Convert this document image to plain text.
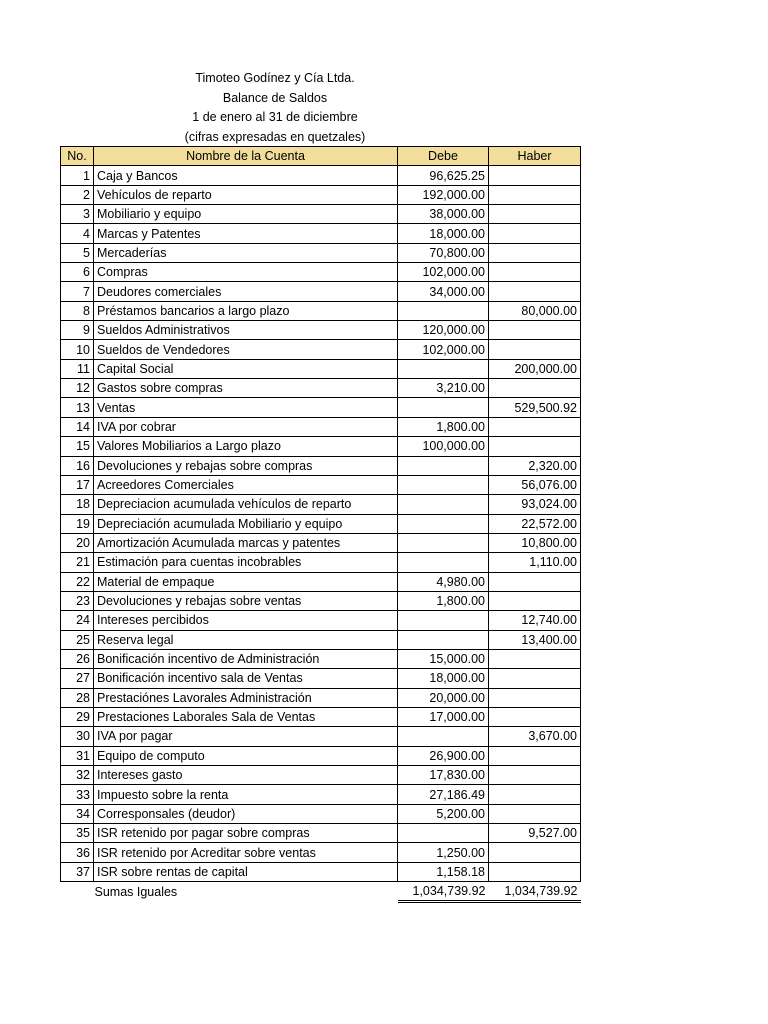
Timoteo Godínez y Cía Ltda.
Balance de Saldos
1 de enero al 31 de diciembre
(cifras expresadas en quetzales)
No.	Nombre de la Cuenta	Debe	Haber
1	Caja y Bancos	96,625.25	
2	Vehículos de reparto	192,000.00	
3	Mobiliario y equipo	38,000.00	
4	Marcas y Patentes	18,000.00	
5	Mercaderías	70,800.00	
6	Compras	102,000.00	
7	Deudores comerciales	34,000.00	
8	Préstamos bancarios a largo plazo		80,000.00
9	Sueldos Administrativos	120,000.00	
10	Sueldos de Vendedores	102,000.00	
11	Capital Social		200,000.00
12	Gastos sobre compras	3,210.00	
13	Ventas		529,500.92
14	IVA por cobrar	1,800.00	
15	Valores Mobiliarios a Largo plazo	100,000.00	
16	Devoluciones y rebajas sobre compras		2,320.00
17	Acreedores Comerciales		56,076.00
18	Depreciacion acumulada vehículos de reparto		93,024.00
19	Depreciación acumulada Mobiliario y equipo		22,572.00
20	Amortización Acumulada marcas y patentes		10,800.00
21	Estimación para cuentas incobrables		1,110.00
22	Material de empaque	4,980.00	
23	Devoluciones y rebajas sobre ventas	1,800.00	
24	Intereses percibidos		12,740.00
25	Reserva legal		13,400.00
26	Bonificación incentivo de Administración	15,000.00	
27	Bonificación incentivo sala de Ventas	18,000.00	
28	Prestaciónes Lavorales Administración	20,000.00	
29	Prestaciones Laborales Sala de Ventas	17,000.00	
30	IVA por pagar		3,670.00
31	Equipo de computo	26,900.00	
32	Intereses gasto	17,830.00	
33	Impuesto sobre la renta	27,186.49	
34	Corresponsales (deudor)	5,200.00	
35	ISR retenido por pagar sobre compras		9,527.00
36	ISR retenido por Acreditar sobre ventas	1,250.00	
37	ISR sobre rentas de capital	1,158.18	
	Sumas Iguales	1,034,739.92	1,034,739.92
